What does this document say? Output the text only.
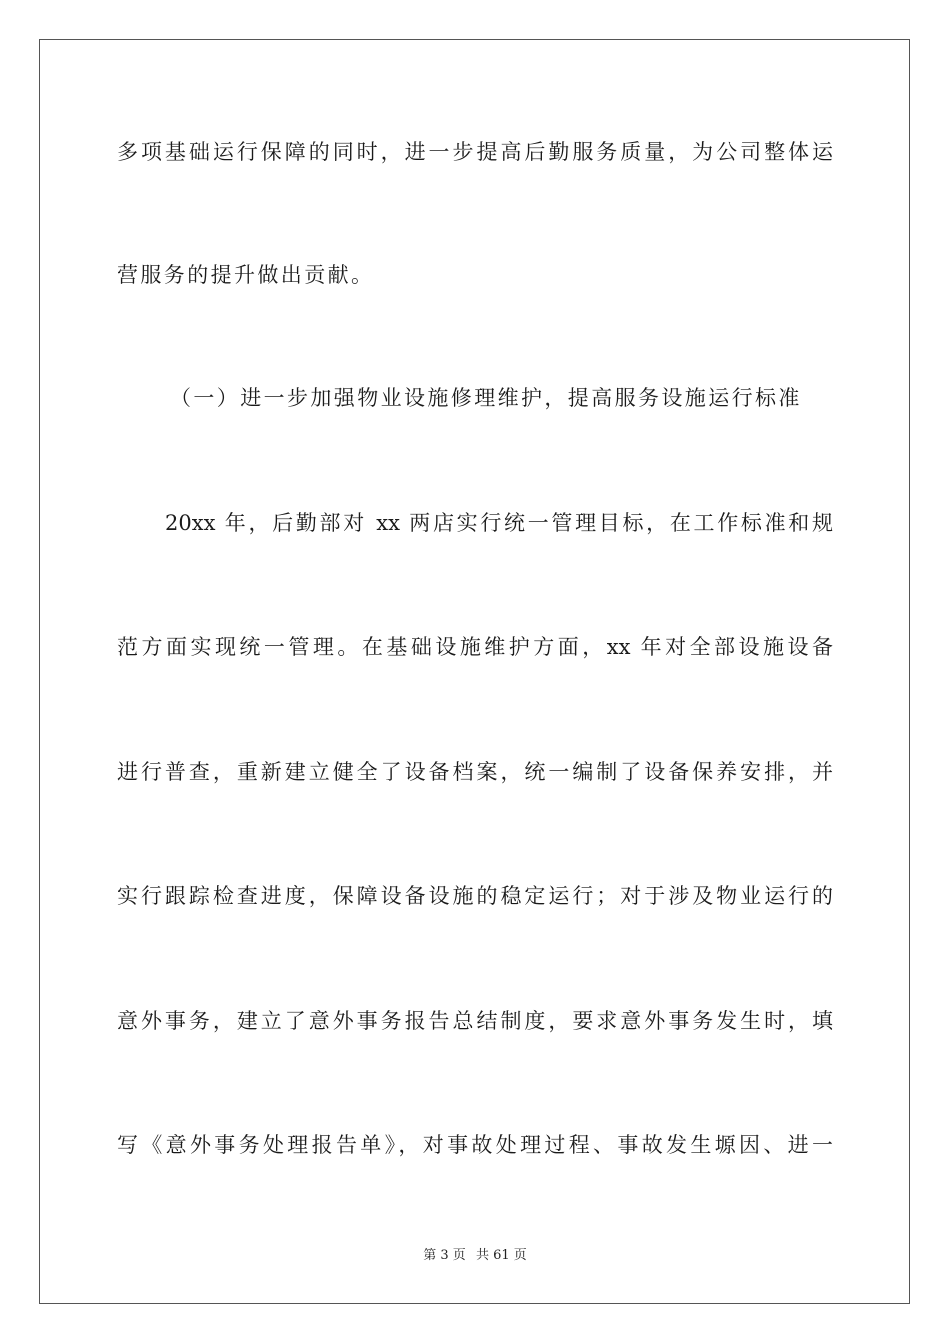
多项基础运行保障的同时，进一步提高后勤服务质量，为公司整体运
营服务的提升做出贡献。
（一）进一步加强物业设施修理维护，提高服务设施运行标准
20xx 年，后勤部对 xx 两店实行统一管理目标，在工作标准和规
范方面实现统一管理。在基础设施维护方面，xx 年对全部设施设备
进行普查，重新建立健全了设备档案，统一编制了设备保养安排，并
实行跟踪检查进度，保障设备设施的稳定运行；对于涉及物业运行的
意外事务，建立了意外事务报告总结制度，要求意外事务发生时，填
写《意外事务处理报告单》，对事故处理过程、事故发生塬因、进一
第 3 页 共 61 页
